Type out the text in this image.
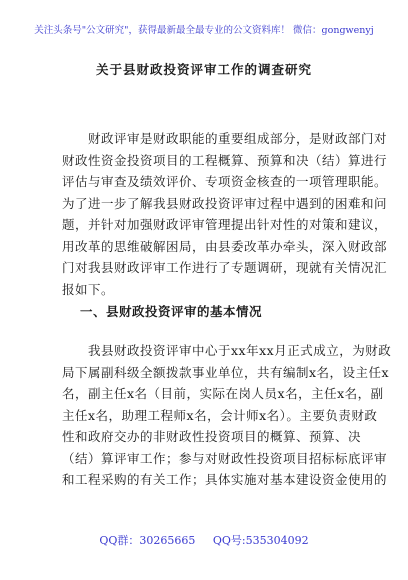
关注头条号"公文研究"，获得最新最全最专业的公文资料库！ 微信：gongwenyj
关于县财政投资评审工作的调查研究
　　财政评审是财政职能的重要组成部分，是财政部门对
财政性资金投资项目的工程概算、预算和决（结）算进行
评估与审查及绩效评价、专项资金核查的一项管理职能。
为了进一步了解我县财政投资评审过程中遇到的困难和问
题，并针对加强财政评审管理提出针对性的对策和建议，
用改革的思维破解困局，由县委改革办牵头，深入财政部
门对我县财政评审工作进行了专题调研，现就有关情况汇
报如下。
一、县财政投资评审的基本情况
　　我县财政投资评审中心于xx年xx月正式成立，为财政
局下属副科级全额拨款事业单位，共有编制x名，设主任x
名，副主任x名（目前，实际在岗人员x名，主任x名，副
主任x名，助理工程师x名，会计师x名）。主要负责财政
性和政府交办的非财政性投资项目的概算、预算、决
（结）算评审工作；参与对财政性投资项目招标标底评审
和工程采购的有关工作；具体实施对基本建设资金使用的
QQ群：30265665 QQ号:535304092
